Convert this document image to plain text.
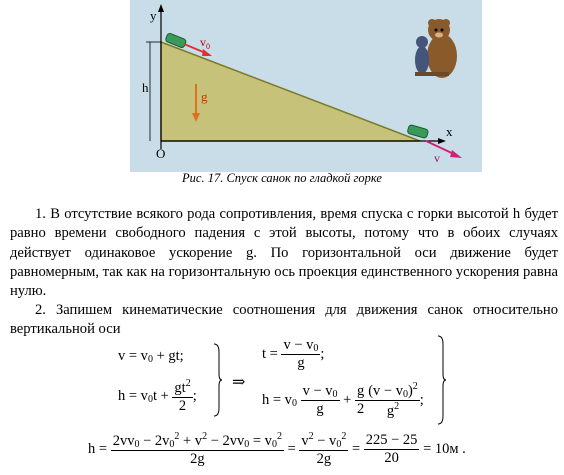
y
x
O
h
$v_0$
g
v
Рис. 17. Спуск санок по гладкой горке
1. В отсутствие всякого рода сопротивления, время спуска с горки высотой h будет равно времени свободного падения с этой высоты, потому что в обоих случаях действует одинаковое ускорение g. По горизонтальной оси движение будет равномерным, так как на горизонтальную ось проекция единственного ускорения равна нулю.
2. Запишем кинематические соотношения для движения санок относительно вертикальной оси
$v = v_0$ + gt;
$h = v_0t + \frac{gt^2}{2}$ ;
⇒
$t = \frac{v - v_0}{g}$ ;
$h = v_0 \frac{v - v_0}{g} + \frac{g}{2} \frac{(v - v_0)^2}{g^2}$ ;
$h = \frac{2vv_0 - 2v_0^2 + v^2 - 2vv_0 = v_0^2}{2g} = \frac{v^2 - v_0^2}{2g} = \frac{225 - 25}{20} = 10м$ .
